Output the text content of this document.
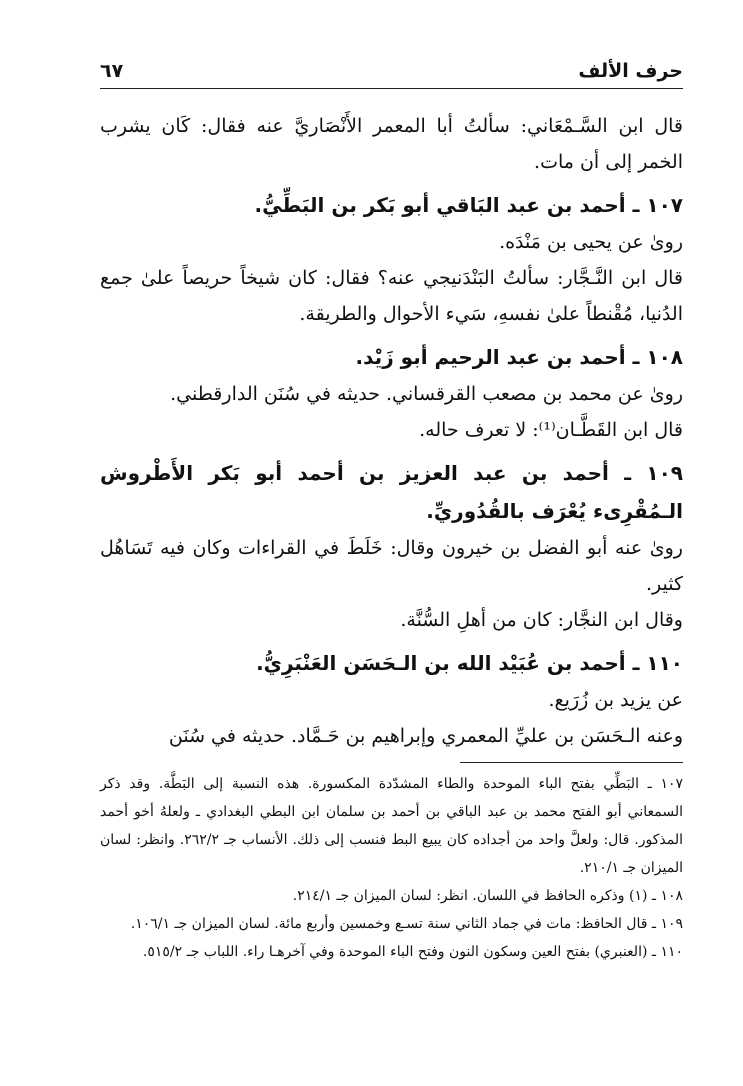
حرف الألف
٦٧

قال ابن السَّـمْعَاني: سألتُ أبا المعمر الأَنْصَاريَّ عنه فقال: كَان يشرب الخمر إلى أن مات.

١٠٧ ـ أحمد بن عبد البَاقي أبو بَكر بن البَطِّيُّ.

روىٰ عن يحيى بن مَنْدَه.

قال ابن النَّـجَّار: سألتُ البَنْدَنيجي عنه؟ فقال: كان شيخاً حريصاً علىٰ جمع الدُنيا، مُقْنطاً علىٰ نفسهِ، سَيء الأحوال والطريقة.

١٠٨ ـ أحمد بن عبد الرحيم أبو زَيْد.

روىٰ عن محمد بن مصعب القرقساني. حديثه في سُنَن الدارقطني.

قال ابن القَطَّـان⁽¹⁾: لا تعرف حاله.

١٠٩ ـ أحمد بن عبد العزيز بن أحمد أبو بَكر الأَطْروش الـمُقْرِىء يُعْرَف بالقُدُوريِّ.

روىٰ عنه أبو الفضل بن خيرون وقال: خَلَطَ في القراءات وكان فيه تَسَاهُل كثير.

وقال ابن النجَّار: كان من أهلِ السُّنَّة.

١١٠ ـ أحمد بن عُبَيْد الله بن الـحَسَن العَنْبَرِيُّ.

عن يزيد بن زُرَيع.

وعنه الـحَسَن بن عليِّ المعمري وإبراهيم بن حَـمَّاد. حديثه في سُنَن

١٠٧ ـ البَطِّي بفتح الباء الموحدة والطاء المشدّدة المكسورة. هذه النسبة إلى البَطَّة. وقد ذكر السمعاني أبو الفتح محمد بن عبد الباقي بن أحمد بن سلمان ابن البطي البغدادي ـ ولعلهُ أخو أحمد المذكور. قال: ولعلَّ واحد من أجداده كان يبيع البط فنسب إلى ذلك. الأنساب جـ ٢٦٢/٢. وانظر: لسان الميزان جـ ٢١٠/١.

١٠٨ ـ (١) وذكره الحافظ في اللسان. انظر: لسان الميزان جـ ٢١٤/١.

١٠٩ ـ قال الحافظ: مات في جماد الثاني سنة تسـع وخمسين وأربع مائة. لسان الميزان جـ ١٠٦/١.

١١٠ ـ (العنبري) بفتح العين وسكون النون وفتح الباء الموحدة وفي آخرهـا راء. اللباب جـ ٥١٥/٢.
